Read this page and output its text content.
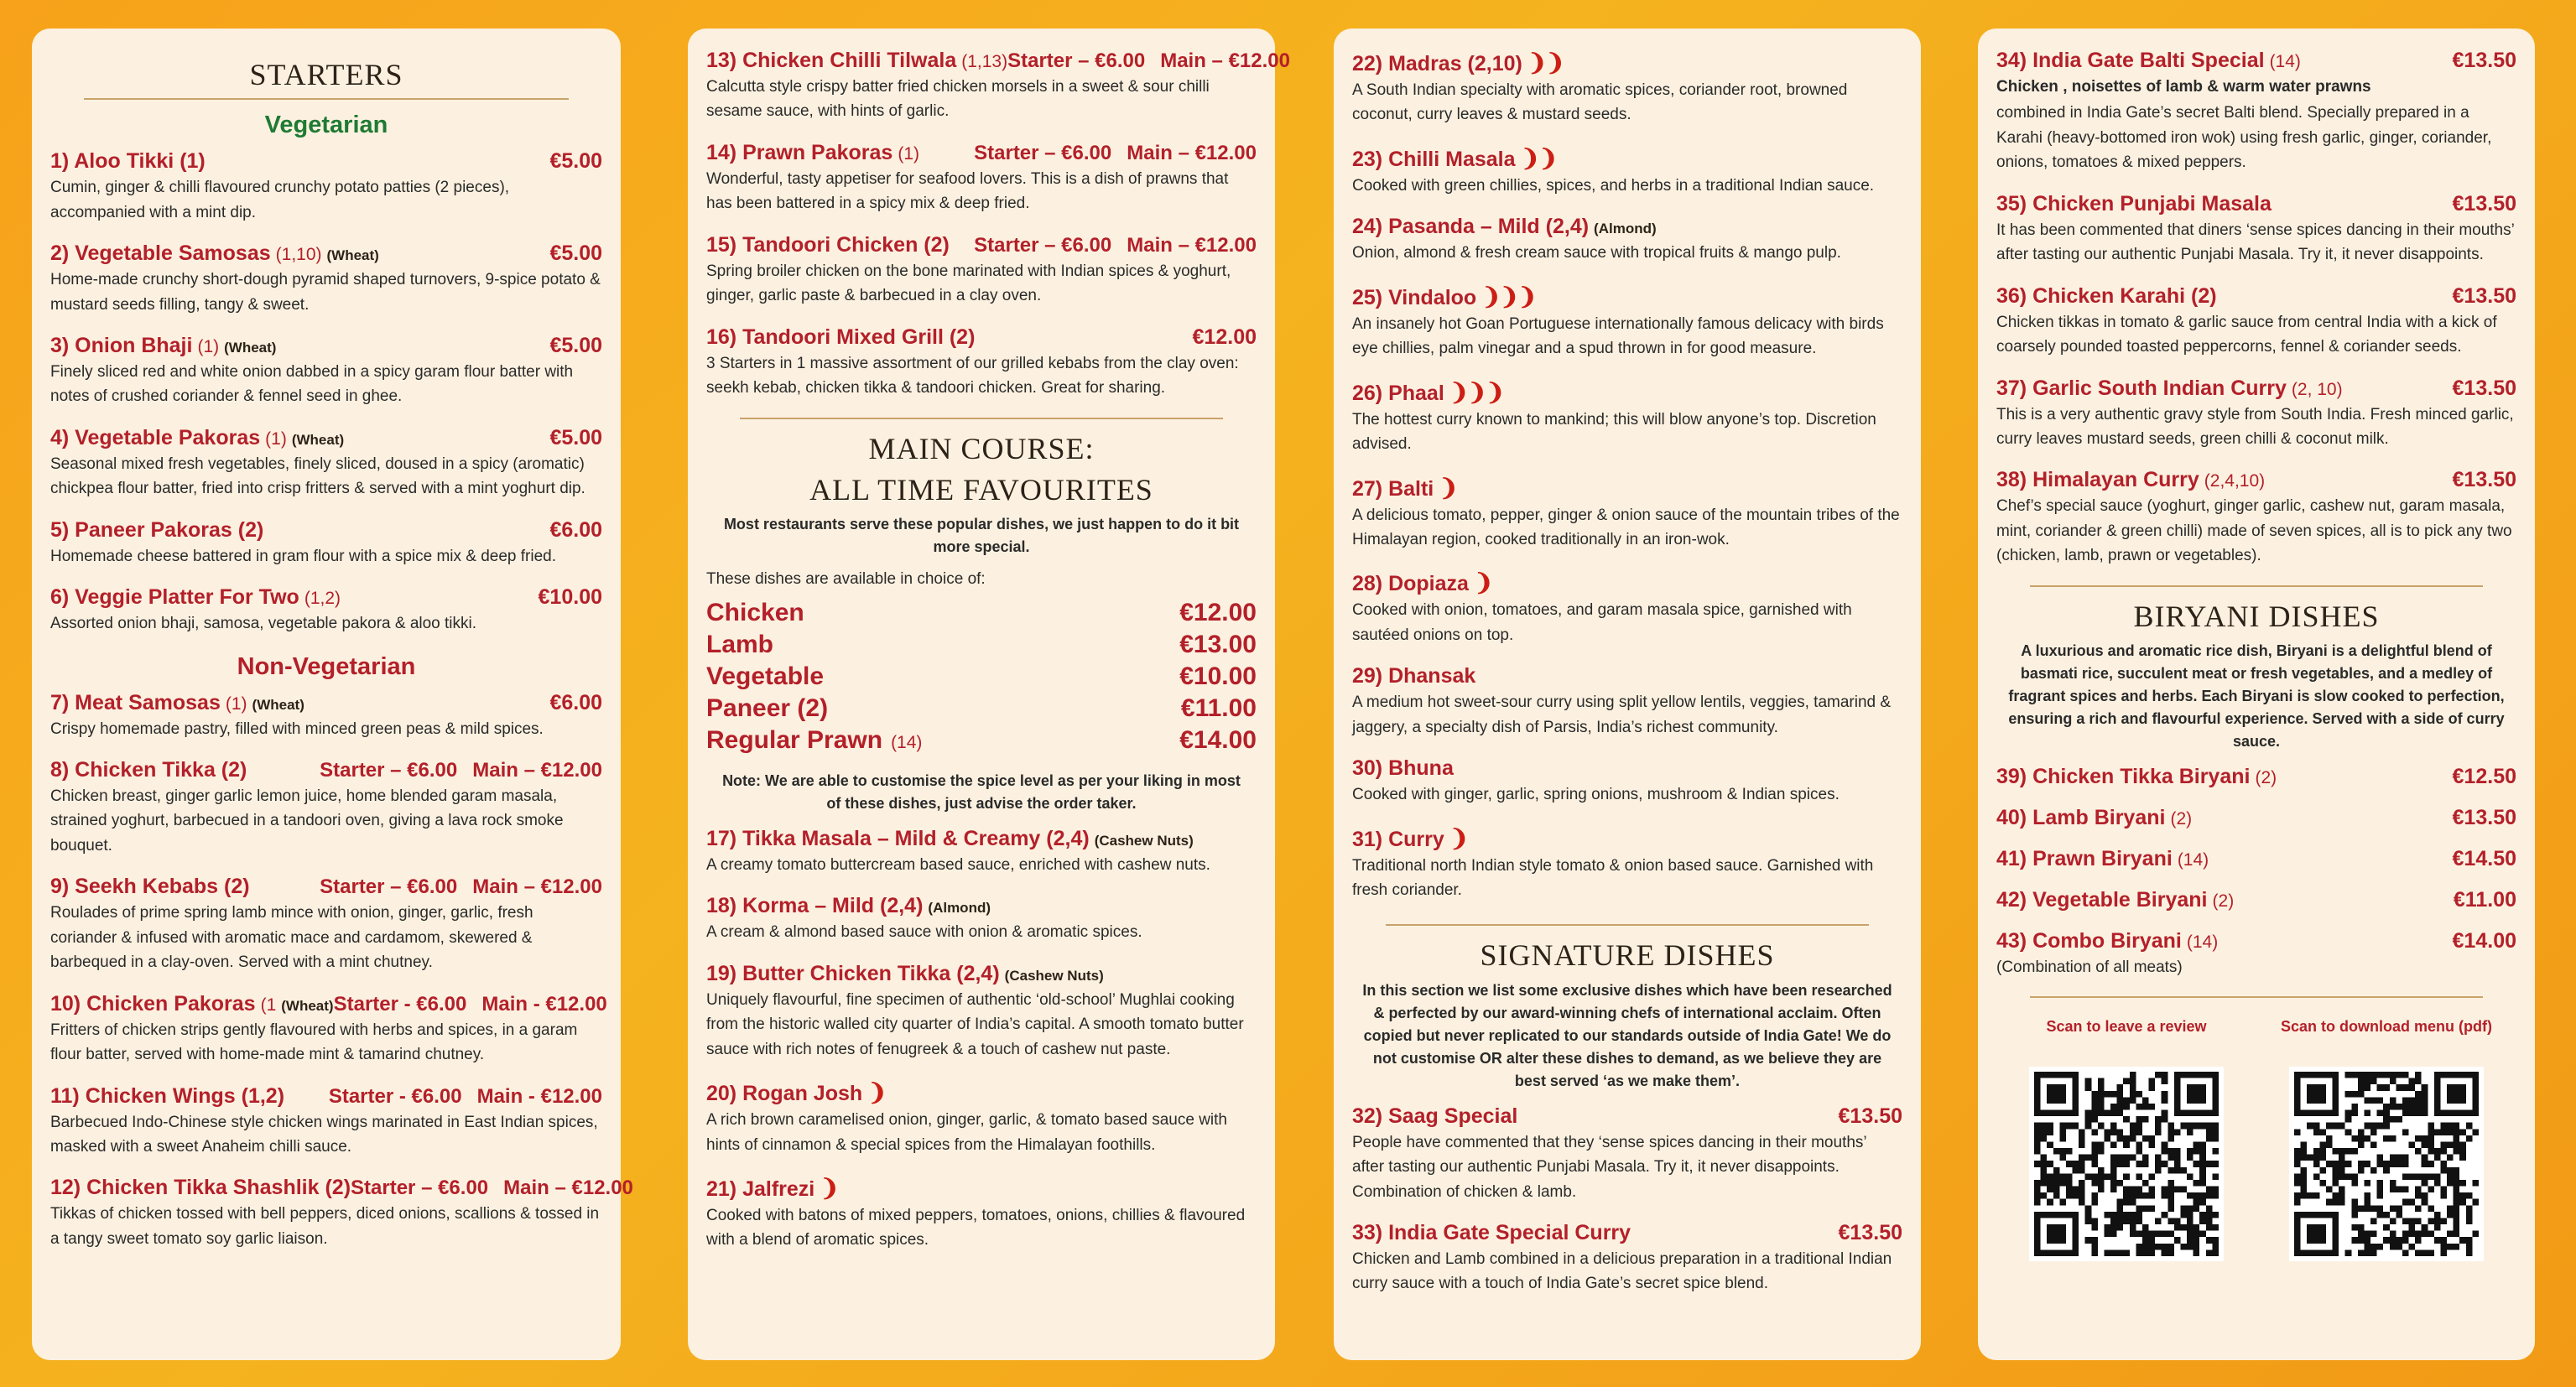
STARTERS
Vegetarian
1) Aloo Tikki (1)	€5.00
Cumin, ginger & chilli flavoured crunchy potato patties (2 pieces), accompanied with a mint dip.
2) Vegetable Samosas (1,10) (Wheat)	€5.00
Home-made crunchy short-dough pyramid shaped turnovers, 9-spice potato & mustard seeds filling, tangy & sweet.
3) Onion Bhaji (1) (Wheat)	€5.00
Finely sliced red and white onion dabbed in a spicy garam flour batter with notes of crushed coriander & fennel seed in ghee.
4) Vegetable Pakoras (1) (Wheat)	€5.00
Seasonal mixed fresh vegetables, finely sliced, doused in a spicy (aromatic) chickpea flour batter, fried into crisp fritters & served with a mint yoghurt dip.
5) Paneer Pakoras (2)	€6.00
Homemade cheese battered in gram flour with a spice mix & deep fried.
6) Veggie Platter For Two (1,2)	€10.00
Assorted onion bhaji, samosa, vegetable pakora & aloo tikki.
Non-Vegetarian
7) Meat Samosas (1) (Wheat)	€6.00
Crispy homemade pastry, filled with minced green peas & mild spices.
8) Chicken Tikka (2)	Starter – €6.00 Main – €12.00
Chicken breast, ginger garlic lemon juice, home blended garam masala, strained yoghurt, barbecued in a tandoori oven, giving a lava rock smoke bouquet.
9) Seekh Kebabs (2)	Starter – €6.00 Main – €12.00
Roulades of prime spring lamb mince with onion, ginger, garlic, fresh coriander & infused with aromatic mace and cardamom, skewered & barbequed in a clay-oven. Served with a mint chutney.
10) Chicken Pakoras (1 (Wheat) Starter - €6.00 Main - €12.00
Fritters of chicken strips gently flavoured with herbs and spices, in a garam flour batter, served with home-made mint & tamarind chutney.
11) Chicken Wings (1,2) Starter - €6.00 Main - €12.00
Barbecued Indo-Chinese style chicken wings marinated in East Indian spices, masked with a sweet Anaheim chilli sauce.
12) Chicken Tikka Shashlik (2) Starter – €6.00 Main – €12.00
Tikkas of chicken tossed with bell peppers, diced onions, scallions & tossed in a tangy sweet tomato soy garlic liaison.
13) Chicken Chilli Tilwala (1,13) Starter – €6.00 Main – €12.00
Calcutta style crispy batter fried chicken morsels in a sweet & sour chilli sesame sauce, with hints of garlic.
14) Prawn Pakoras (1)	Starter – €6.00 Main – €12.00
Wonderful, tasty appetiser for seafood lovers. This is a dish of prawns that has been battered in a spicy mix & deep fried.
15) Tandoori Chicken (2) Starter – €6.00 Main – €12.00
Spring broiler chicken on the bone marinated with Indian spices & yoghurt, ginger, garlic paste & barbecued in a clay oven.
16) Tandoori Mixed Grill (2)	€12.00
3 Starters in 1 massive assortment of our grilled kebabs from the clay oven: seekh kebab, chicken tikka & tandoori chicken. Great for sharing.
MAIN COURSE:
ALL TIME FAVOURITES
Most restaurants serve these popular dishes, we just happen to do it bit more special.
These dishes are available in choice of:
Chicken	€12.00
Lamb	€13.00
Vegetable	€10.00
Paneer (2)	€11.00
Regular Prawn (14)	€14.00
Note: We are able to customise the spice level as per your liking in most of these dishes, just advise the order taker.
17) Tikka Masala – Mild & Creamy (2,4) (Cashew Nuts)
A creamy tomato buttercream based sauce, enriched with cashew nuts.
18) Korma – Mild (2,4) (Almond)
A cream & almond based sauce with onion & aromatic spices.
19) Butter Chicken Tikka (2,4) (Cashew Nuts)
Uniquely flavourful, fine specimen of authentic ‘old-school’ Mughlai cooking from the historic walled city quarter of India’s capital. A smooth tomato butter sauce with rich notes of fenugreek & a touch of cashew nut paste.
20) Rogan Josh ❩
A rich brown caramelised onion, ginger, garlic, & tomato based sauce with hints of cinnamon & special spices from the Himalayan foothills.
21) Jalfrezi ❩
Cooked with batons of mixed peppers, tomatoes, onions, chillies & flavoured with a blend of aromatic spices.
22) Madras (2,10) ❩❩
A South Indian specialty with aromatic spices, coriander root, browned coconut, curry leaves & mustard seeds.
23) Chilli Masala ❩❩
Cooked with green chillies, spices, and herbs in a traditional Indian sauce.
24) Pasanda – Mild (2,4) (Almond)
Onion, almond & fresh cream sauce with tropical fruits & mango pulp.
25) Vindaloo ❩❩❩
An insanely hot Goan Portuguese internationally famous delicacy with birds eye chillies, palm vinegar and a spud thrown in for good measure.
26) Phaal ❩❩❩
The hottest curry known to mankind; this will blow anyone’s top. Discretion advised.
27) Balti ❩
A delicious tomato, pepper, ginger & onion sauce of the mountain tribes of the Himalayan region, cooked traditionally in an iron-wok.
28) Dopiaza ❩
Cooked with onion, tomatoes, and garam masala spice, garnished with sautéed onions on top.
29) Dhansak
A medium hot sweet-sour curry using split yellow lentils, veggies, tamarind & jaggery, a specialty dish of Parsis, India’s richest community.
30) Bhuna
Cooked with ginger, garlic, spring onions, mushroom & Indian spices.
31) Curry ❩
Traditional north Indian style tomato & onion based sauce. Garnished with fresh coriander.
SIGNATURE DISHES
In this section we list some exclusive dishes which have been researched & perfected by our award-winning chefs of international acclaim. Often copied but never replicated to our standards outside of India Gate! We do not customise OR alter these dishes to demand, as we believe they are best served ‘as we make them’.
32) Saag Special	€13.50
People have commented that they ‘sense spices dancing in their mouths’ after tasting our authentic Punjabi Masala. Try it, it never disappoints. Combination of chicken & lamb.
33) India Gate Special Curry	€13.50
Chicken and Lamb combined in a delicious preparation in a traditional Indian curry sauce with a touch of India Gate’s secret spice blend.
34) India Gate Balti Special (14)	€13.50
Chicken , noisettes of lamb & warm water prawns
combined in India Gate’s secret Balti blend. Specially prepared in a Karahi (heavy-bottomed iron wok) using fresh garlic, ginger, coriander, onions, tomatoes & mixed peppers.
35) Chicken Punjabi Masala	€13.50
It has been commented that diners ‘sense spices dancing in their mouths’ after tasting our authentic Punjabi Masala. Try it, it never disappoints.
36) Chicken Karahi (2)	€13.50
Chicken tikkas in tomato & garlic sauce from central India with a kick of coarsely pounded toasted peppercorns, fennel & coriander seeds.
37) Garlic South Indian Curry (2, 10)	€13.50
This is a very authentic gravy style from South India. Fresh minced garlic, curry leaves mustard seeds, green chilli & coconut milk.
38) Himalayan Curry (2,4,10)	€13.50
Chef’s special sauce (yoghurt, ginger garlic, cashew nut, garam masala, mint, coriander & green chilli) made of seven spices, all is to pick any two (chicken, lamb, prawn or vegetables).
BIRYANI DISHES
A luxurious and aromatic rice dish, Biryani is a delightful blend of basmati rice, succulent meat or fresh vegetables, and a medley of fragrant spices and herbs. Each Biryani is slow cooked to perfection, ensuring a rich and flavourful experience. Served with a side of curry sauce.
39) Chicken Tikka Biryani (2)	€12.50
40) Lamb Biryani (2)	€13.50
41) Prawn Biryani (14)	€14.50
42) Vegetable Biryani (2)	€11.00
43) Combo Biryani (14)	€14.00
(Combination of all meats)
Scan to leave a review	Scan to download menu (pdf)
